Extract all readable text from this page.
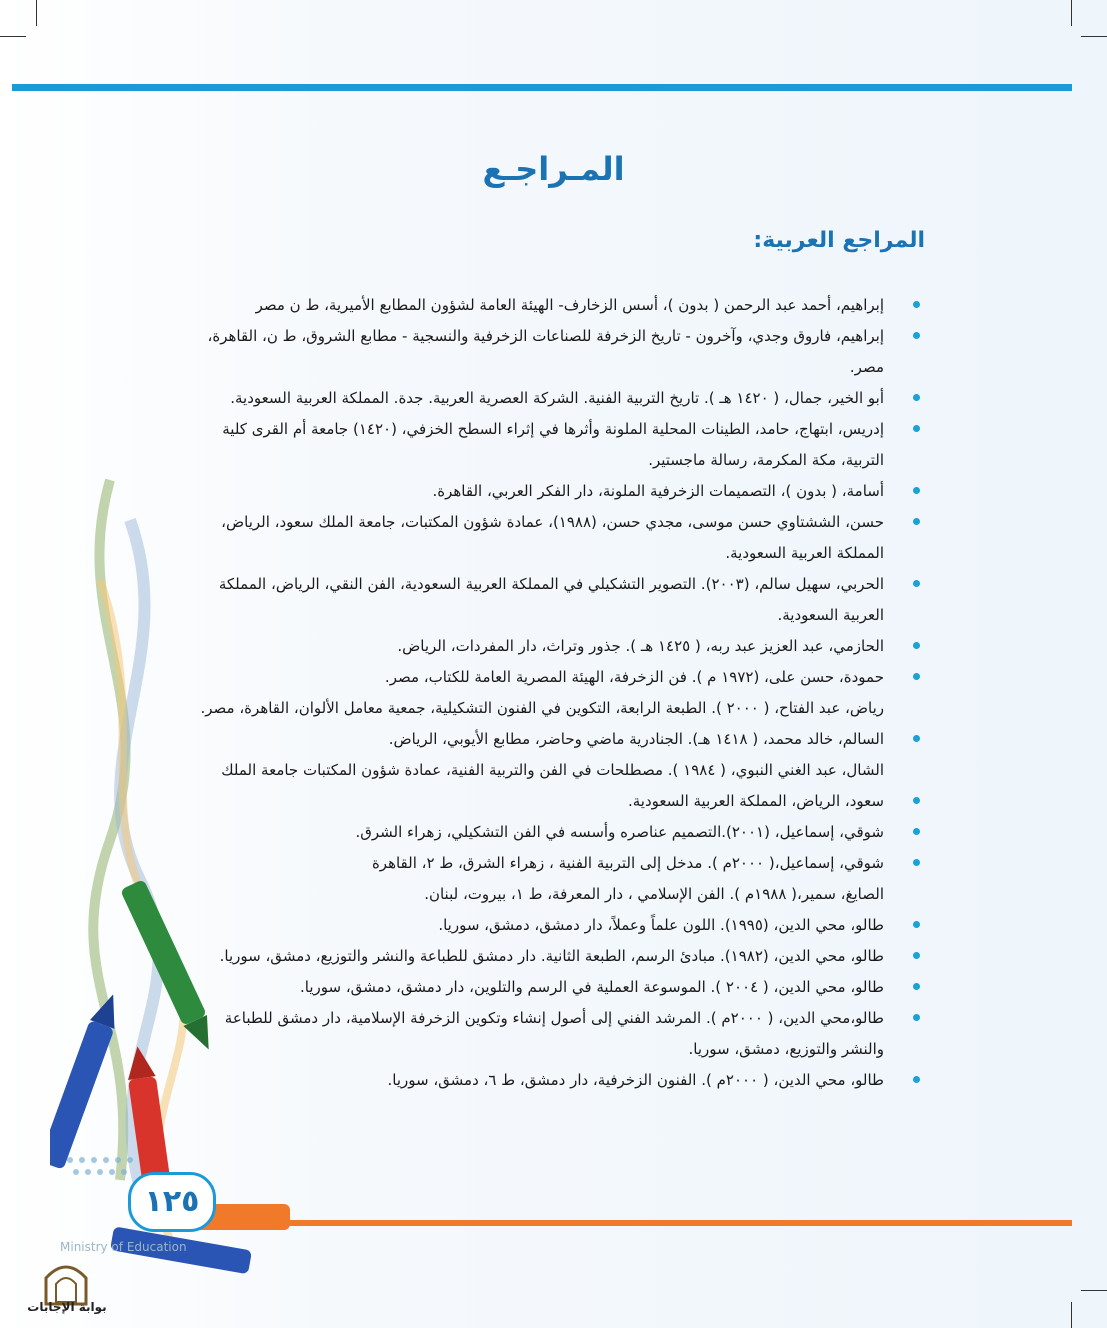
المـراجـع
المراجع العربية:
إبراهيم، أحمد عبد الرحمن ( بدون )، أسس الزخارف- الهيئة العامة لشؤون المطابع الأميرية، ط ن مصر
إبراهيم، فاروق وجدي، وآخرون - تاريخ الزخرفة للصناعات الزخرفية والنسجية - مطابع الشروق، ط ن، القاهرة، مصر.
أبو الخير، جمال، ( ١٤٢٠ هـ ). تاريخ التربية الفنية. الشركة العصرية العربية. جدة. المملكة العربية السعودية.
إدريس، ابتهاج، حامد، الطينات المحلية الملونة وأثرها في إثراء السطح الخزفي، (١٤٢٠) جامعة أم القرى كلية التربية، مكة المكرمة، رسالة ماجستير.
أسامة، ( بدون )، التصميمات الزخرفية الملونة، دار الفكر العربي، القاهرة.
حسن، الششتاوي حسن موسى، مجدي حسن، (١٩٨٨)، عمادة شؤون المكتبات، جامعة الملك سعود، الرياض، المملكة العربية السعودية.
الحربي، سهيل سالم، (٢٠٠٣). التصوير التشكيلي في المملكة العربية السعودية، الفن النقي، الرياض، المملكة العربية السعودية.
الحازمي، عبد العزيز عبد ربه، ( ١٤٢٥ هـ ). جذور وتراث، دار المفردات، الرياض.
حمودة، حسن على، (١٩٧٢ م ). فن الزخرفة، الهيئة المصرية العامة للكتاب، مصر.
رياض، عبد الفتاح، ( ٢٠٠٠ ). الطبعة الرابعة، التكوين في الفنون التشكيلية، جمعية معامل الألوان، القاهرة، مصر.
السالم، خالد محمد، ( ١٤١٨ هـ). الجنادرية ماضي وحاضر، مطابع الأيوبي، الرياض.
الشال، عبد الغني النبوي، ( ١٩٨٤ ). مصطلحات في الفن والتربية الفنية، عمادة شؤون المكتبات جامعة الملك
سعود، الرياض، المملكة العربية السعودية.
شوقي، إسماعيل، (٢٠٠١).التصميم عناصره وأسسه في الفن التشكيلي، زهراء الشرق.
شوقي، إسماعيل،( ٢٠٠٠م ). مدخل إلى التربية الفنية ، زهراء الشرق، ط ٢، القاهرة
الصايغ، سمير،( ١٩٨٨م ). الفن الإسلامي ، دار المعرفة، ط ١، بيروت، لبنان.
طالو، محي الدين، (١٩٩٥). اللون علماً وعملاً، دار دمشق، دمشق، سوريا.
طالو، محي الدين، (١٩٨٢). مبادئ الرسم، الطبعة الثانية. دار دمشق للطباعة والنشر والتوزيع، دمشق، سوريا.
طالو، محي الدين، ( ٢٠٠٤ ). الموسوعة العملية في الرسم والتلوين، دار دمشق، دمشق، سوريا.
طالو،محي الدين، ( ٢٠٠٠م ). المرشد الفني إلى أصول إنشاء وتكوين الزخرفة الإسلامية، دار دمشق للطباعة والنشر والتوزيع، دمشق، سوريا.
طالو، محي الدين، ( ٢٠٠٠م ). الفنون الزخرفية، دار دمشق، ط ٦، دمشق، سوريا.
١٢٥
Ministry of Education
بوابة الإجابات
